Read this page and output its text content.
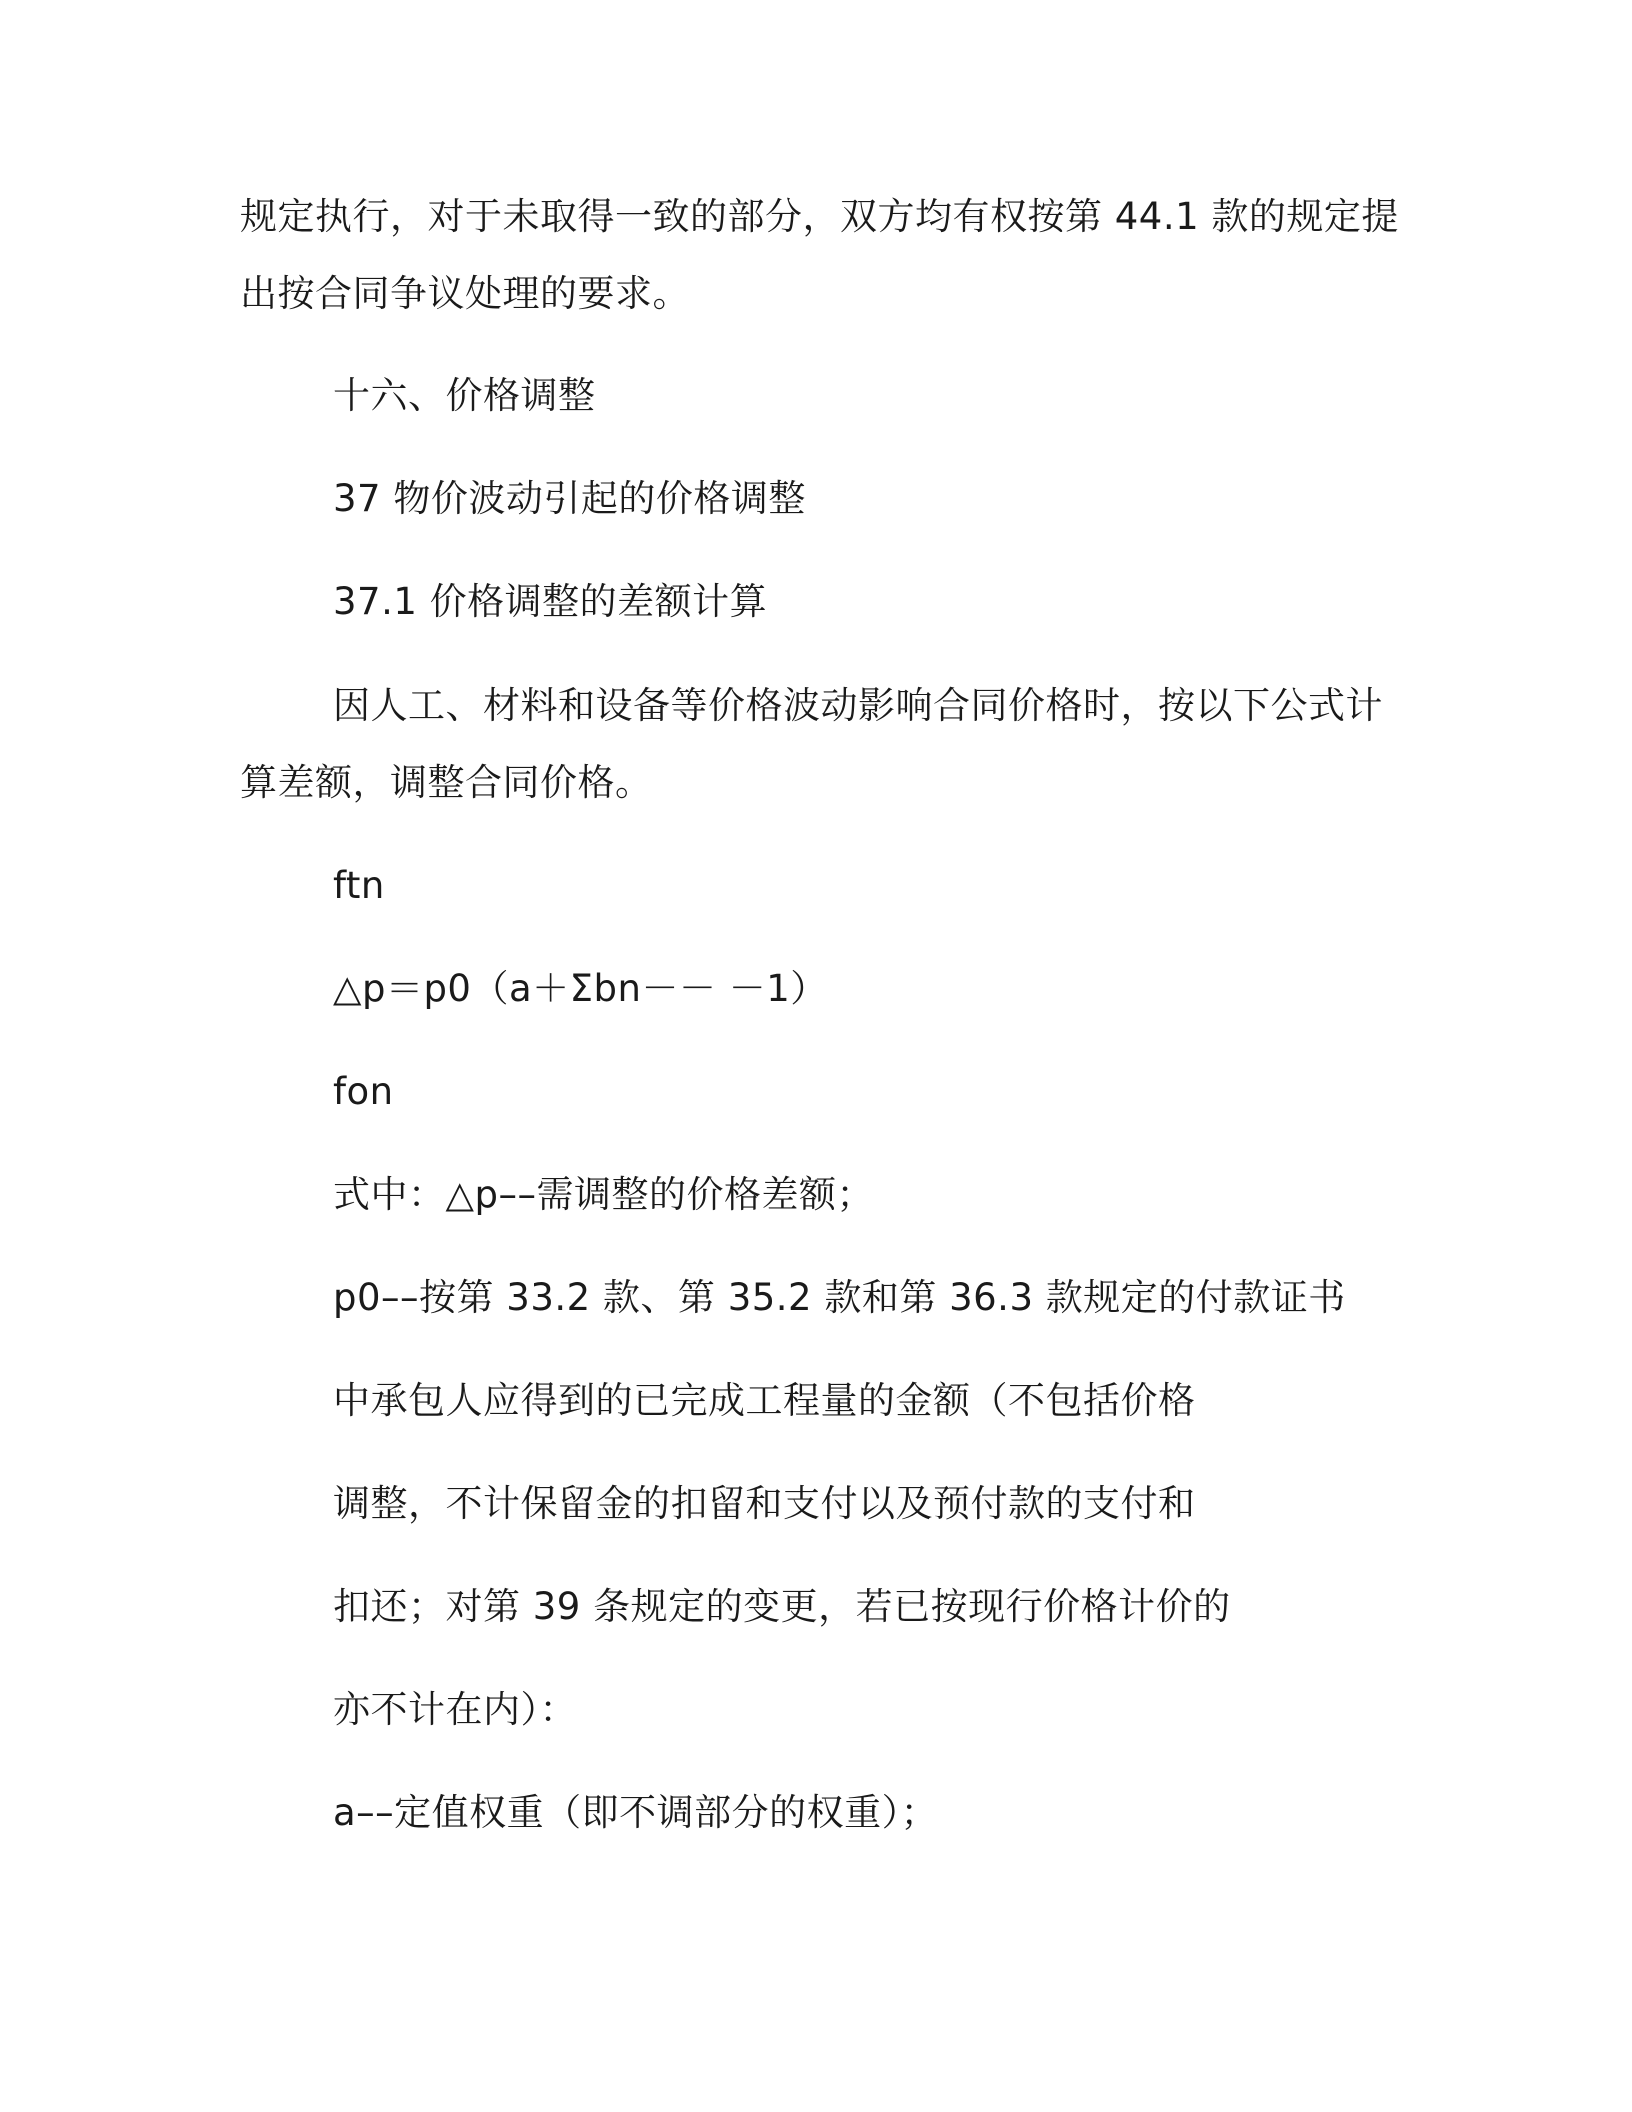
规定执行，对于未取得一致的部分，双方均有权按第 44.1 款的规定提
出按合同争议处理的要求。
十六、价格调整
37 物价波动引起的价格调整
37.1 价格调整的差额计算
因人工、材料和设备等价格波动影响合同价格时，按以下公式计
算差额，调整合同价格。
ftn
△p＝p0（a＋Σbn－－ －1）
fon
式中：△p––需调整的价格差额；
p0––按第 33.2 款、第 35.2 款和第 36.3 款规定的付款证书
中承包人应得到的已完成工程量的金额（不包括价格
调整，不计保留金的扣留和支付以及预付款的支付和
扣还；对第 39 条规定的变更，若已按现行价格计价的
亦不计在内）：
a––定值权重（即不调部分的权重）；
